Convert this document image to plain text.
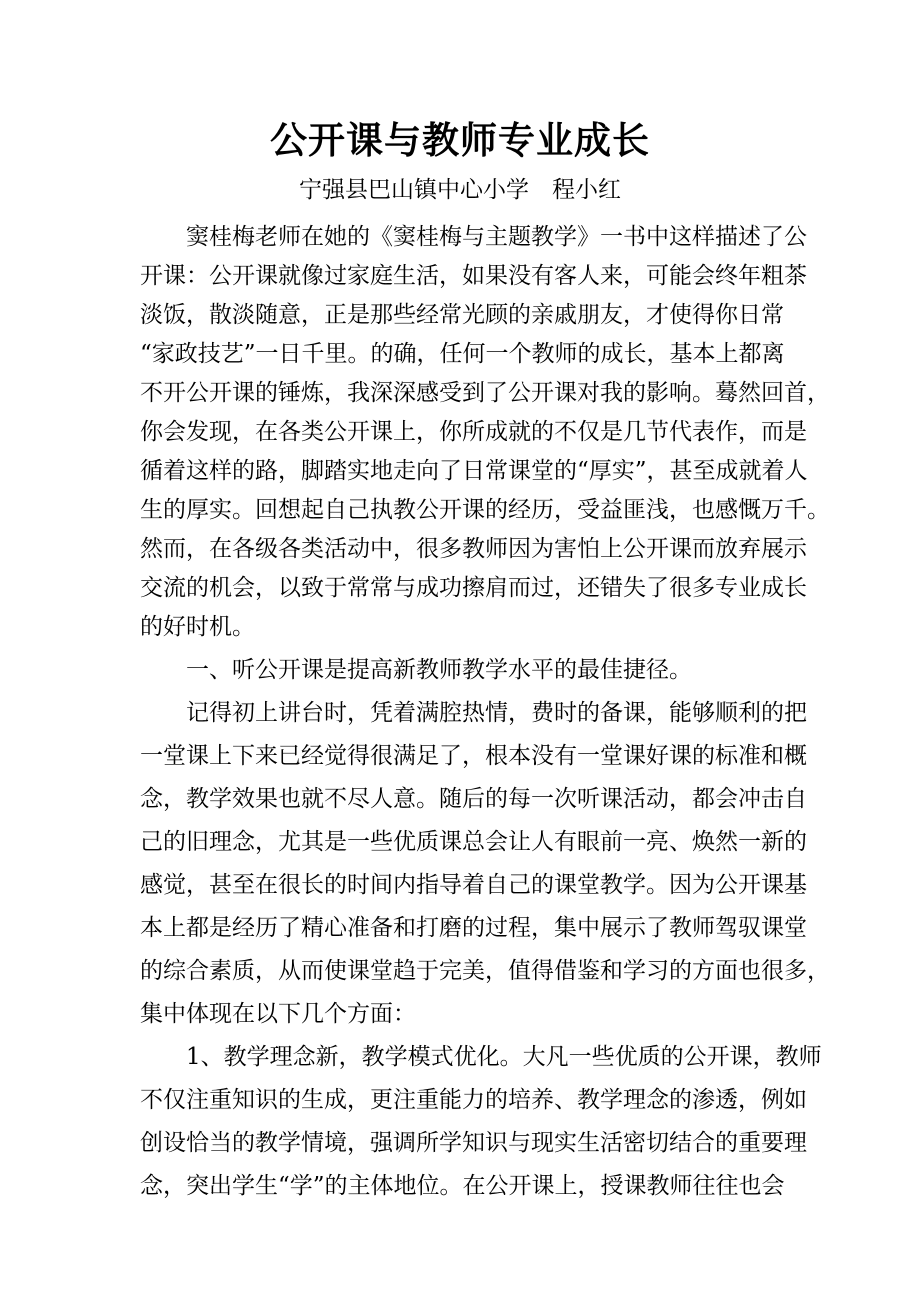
公开课与教师专业成长
宁强县巴山镇中心小学　程小红
　　窦桂梅老师在她的《窦桂梅与主题教学》一书中这样描述了公
开课：公开课就像过家庭生活，如果没有客人来，可能会终年粗茶
淡饭，散淡随意，正是那些经常光顾的亲戚朋友，才使得你日常
“家政技艺”一日千里。的确，任何一个教师的成长，基本上都离
不开公开课的锤炼，我深深感受到了公开课对我的影响。蓦然回首，
你会发现，在各类公开课上，你所成就的不仅是几节代表作，而是
循着这样的路，脚踏实地走向了日常课堂的“厚实”，甚至成就着人
生的厚实。回想起自己执教公开课的经历，受益匪浅，也感慨万千。
然而，在各级各类活动中，很多教师因为害怕上公开课而放弃展示
交流的机会，以致于常常与成功擦肩而过，还错失了很多专业成长
的好时机。
　　一、听公开课是提高新教师教学水平的最佳捷径。
　　记得初上讲台时，凭着满腔热情，费时的备课，能够顺利的把
一堂课上下来已经觉得很满足了，根本没有一堂课好课的标准和概
念，教学效果也就不尽人意。随后的每一次听课活动，都会冲击自
己的旧理念，尤其是一些优质课总会让人有眼前一亮、焕然一新的
感觉，甚至在很长的时间内指导着自己的课堂教学。因为公开课基
本上都是经历了精心准备和打磨的过程，集中展示了教师驾驭课堂
的综合素质，从而使课堂趋于完美，值得借鉴和学习的方面也很多，
集中体现在以下几个方面：
　　1、教学理念新，教学模式优化。大凡一些优质的公开课，教师
不仅注重知识的生成，更注重能力的培养、教学理念的渗透，例如
创设恰当的教学情境，强调所学知识与现实生活密切结合的重要理
念，突出学生“学”的主体地位。在公开课上，授课教师往往也会
